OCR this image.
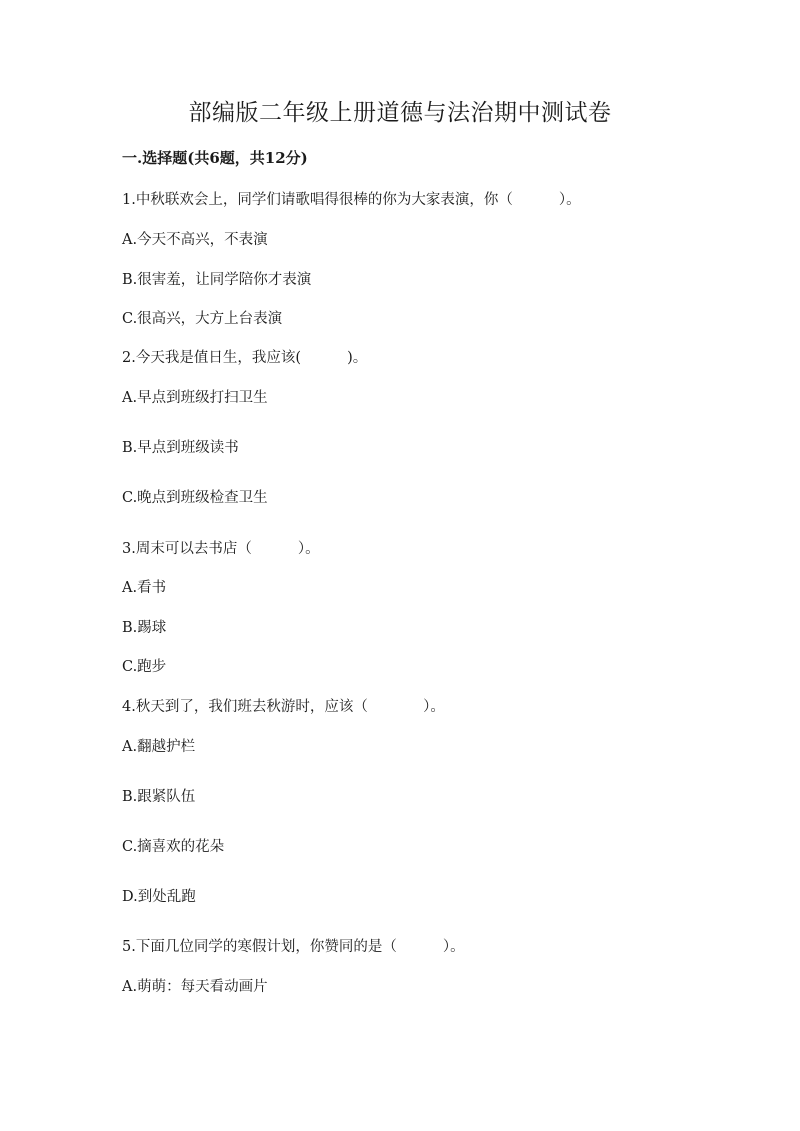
部编版二年级上册道德与法治期中测试卷

一.选择题(共6题，共12分)

1.中秋联欢会上，同学们请歌唱得很棒的你为大家表演，你（          ）。

A.今天不高兴，不表演

B.很害羞，让同学陪你才表演

C.很高兴，大方上台表演

2.今天我是值日生，我应该(          )。

A.早点到班级打扫卫生

B.早点到班级读书

C.晚点到班级检查卫生

3.周末可以去书店（          ）。

A.看书

B.踢球

C.跑步

4.秋天到了，我们班去秋游时，应该（            ）。

A.翻越护栏

B.跟紧队伍

C.摘喜欢的花朵

D.到处乱跑

5.下面几位同学的寒假计划，你赞同的是（          ）。

A.萌萌：每天看动画片
